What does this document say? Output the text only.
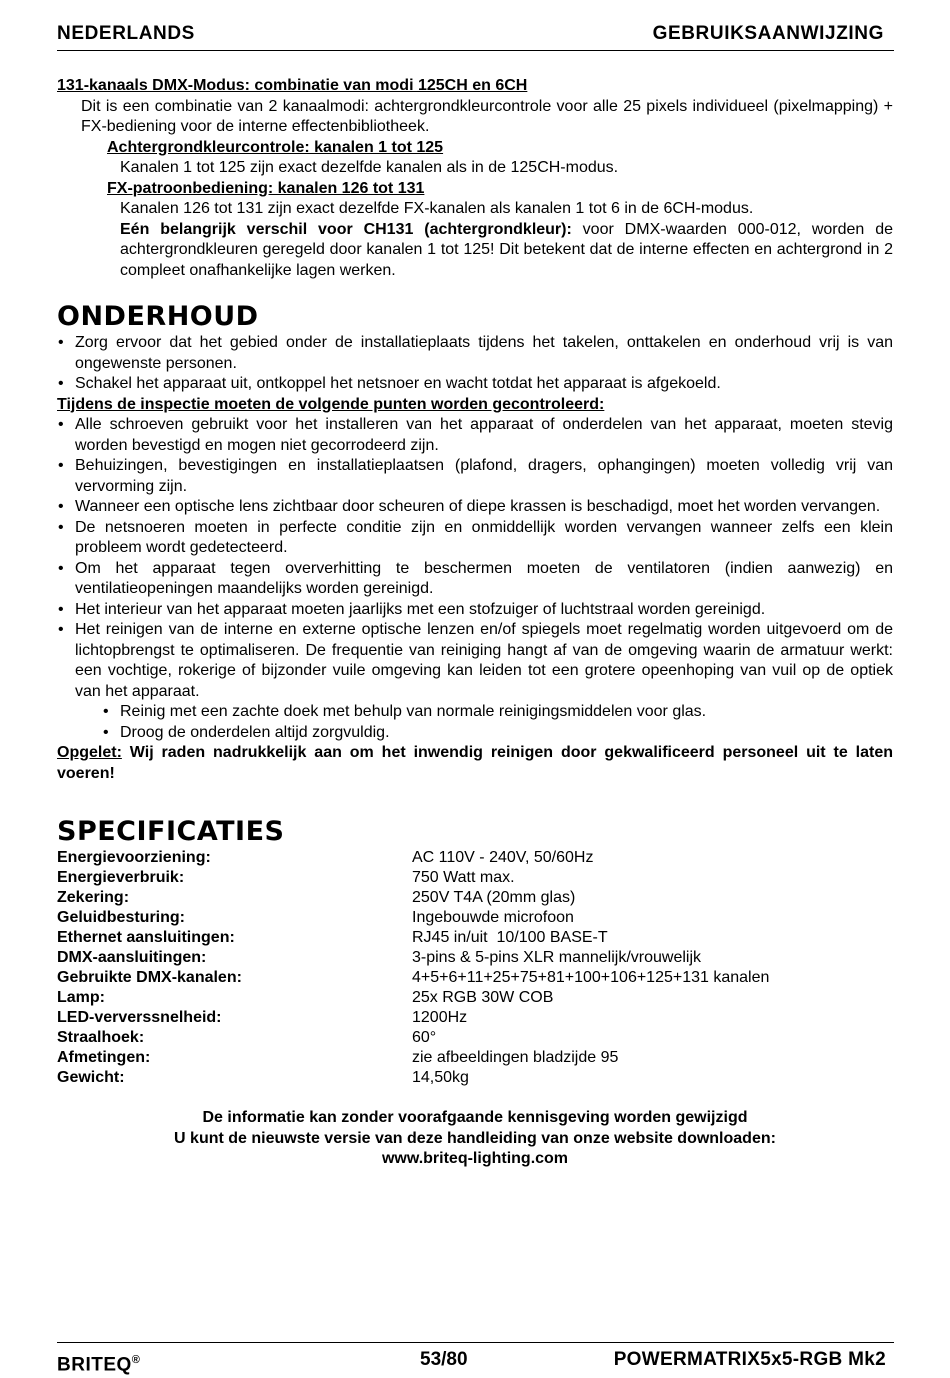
NEDERLANDS	GEBRUIKSAANWIJZING
131-kanaals DMX-Modus: combinatie van modi 125CH en 6CH
Dit is een combinatie van 2 kanaalmodi: achtergrondkleurcontrole voor alle 25 pixels individueel (pixelmapping) + FX-bediening voor de interne effectenbibliotheek.
Achtergrondkleurcontrole: kanalen 1 tot 125
Kanalen 1 tot 125 zijn exact dezelfde kanalen als in de 125CH-modus.
FX-patroonbediening: kanalen 126 tot 131
Kanalen 126 tot 131 zijn exact dezelfde FX-kanalen als kanalen 1 tot 6 in de 6CH-modus.
Eén belangrijk verschil voor CH131 (achtergrondkleur): voor DMX-waarden 000-012, worden de achtergrondkleuren geregeld door kanalen 1 tot 125! Dit betekent dat de interne effecten en achtergrond in 2 compleet onafhankelijke lagen werken.
ONDERHOUD
• Zorg ervoor dat het gebied onder de installatieplaats tijdens het takelen, onttakelen en onderhoud vrij is van ongewenste personen.
• Schakel het apparaat uit, ontkoppel het netsnoer en wacht totdat het apparaat is afgekoeld.
Tijdens de inspectie moeten de volgende punten worden gecontroleerd:
• Alle schroeven gebruikt voor het installeren van het apparaat of onderdelen van het apparaat, moeten stevig worden bevestigd en mogen niet gecorrodeerd zijn.
• Behuizingen, bevestigingen en installatieplaatsen (plafond, dragers, ophangingen) moeten volledig vrij van vervorming zijn.
• Wanneer een optische lens zichtbaar door scheuren of diepe krassen is beschadigd, moet het worden vervangen.
• De netsnoeren moeten in perfecte conditie zijn en onmiddellijk worden vervangen wanneer zelfs een klein probleem wordt gedetecteerd.
• Om het apparaat tegen oververhitting te beschermen moeten de ventilatoren (indien aanwezig) en ventilatieopeningen maandelijks worden gereinigd.
• Het interieur van het apparaat moeten jaarlijks met een stofzuiger of luchtstraal worden gereinigd.
• Het reinigen van de interne en externe optische lenzen en/of spiegels moet regelmatig worden uitgevoerd om de lichtopbrengst te optimaliseren. De frequentie van reiniging hangt af van de omgeving waarin de armatuur werkt: een vochtige, rokerige of bijzonder vuile omgeving kan leiden tot een grotere opeenhoping van vuil op de optiek van het apparaat.
• Reinig met een zachte doek met behulp van normale reinigingsmiddelen voor glas.
• Droog de onderdelen altijd zorgvuldig.
Opgelet: Wij raden nadrukkelijk aan om het inwendig reinigen door gekwalificeerd personeel uit te laten voeren!
SPECIFICATIES
Energievoorziening:	AC 110V - 240V, 50/60Hz
Energieverbruik:	750 Watt max.
Zekering:	250V T4A (20mm glas)
Geluidbesturing:	Ingebouwde microfoon
Ethernet aansluitingen:	RJ45 in/uit  10/100 BASE-T
DMX-aansluitingen:	3-pins & 5-pins XLR mannelijk/vrouwelijk
Gebruikte DMX-kanalen:	4+5+6+11+25+75+81+100+106+125+131 kanalen
Lamp:	25x RGB 30W COB
LED-ververssnelheid:	1200Hz
Straalhoek:	60°
Afmetingen:	zie afbeeldingen bladzijde 95
Gewicht:	14,50kg
De informatie kan zonder voorafgaande kennisgeving worden gewijzigd
U kunt de nieuwste versie van deze handleiding van onze website downloaden:
www.briteq-lighting.com
BRITEQ®	53/80	POWERMATRIX5x5-RGB Mk2
